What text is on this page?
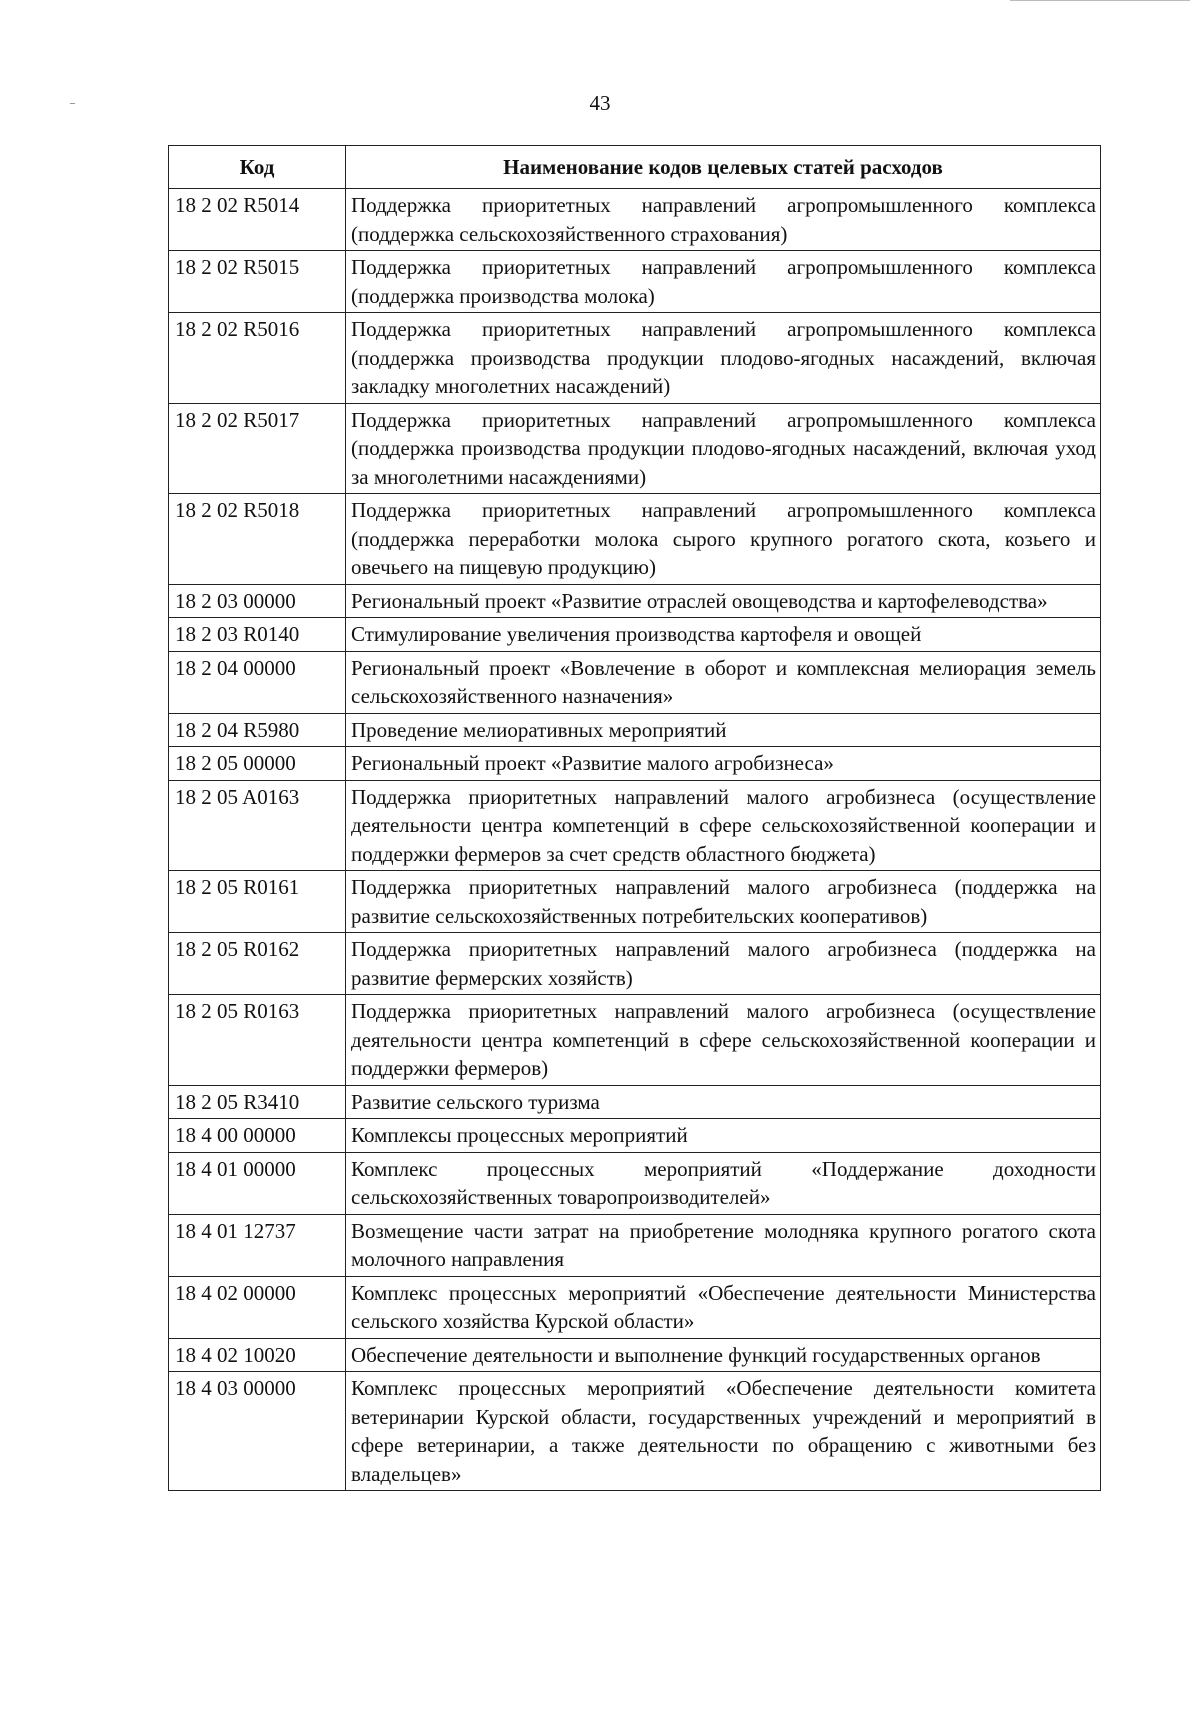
43
Код	Наименование кодов целевых статей расходов
18 2 02 R5014	Поддержка приоритетных направлений агропромышленного комплекса (поддержка сельскохозяйственного страхования)
18 2 02 R5015	Поддержка приоритетных направлений агропромышленного комплекса (поддержка производства молока)
18 2 02 R5016	Поддержка приоритетных направлений агропромышленного комплекса (поддержка производства продукции плодово-ягодных насаждений, включая закладку многолетних насаждений)
18 2 02 R5017	Поддержка приоритетных направлений агропромышленного комплекса (поддержка производства продукции плодово-ягодных насаждений, включая уход за многолетними насаждениями)
18 2 02 R5018	Поддержка приоритетных направлений агропромышленного комплекса (поддержка переработки молока сырого крупного рогатого скота, козьего и овечьего на пищевую продукцию)
18 2 03 00000	Региональный проект «Развитие отраслей овощеводства и картофелеводства»
18 2 03 R0140	Стимулирование увеличения производства картофеля и овощей
18 2 04 00000	Региональный проект «Вовлечение в оборот и комплексная мелиорация земель сельскохозяйственного назначения»
18 2 04 R5980	Проведение мелиоративных мероприятий
18 2 05 00000	Региональный проект «Развитие малого агробизнеса»
18 2 05 A0163	Поддержка приоритетных направлений малого агробизнеса (осуществление деятельности центра компетенций в сфере сельскохозяйственной кооперации и поддержки фермеров за счет средств областного бюджета)
18 2 05 R0161	Поддержка приоритетных направлений малого агробизнеса (поддержка на развитие сельскохозяйственных потребительских кооперативов)
18 2 05 R0162	Поддержка приоритетных направлений малого агробизнеса (поддержка на развитие фермерских хозяйств)
18 2 05 R0163	Поддержка приоритетных направлений малого агробизнеса (осуществление деятельности центра компетенций в сфере сельскохозяйственной кооперации и поддержки фермеров)
18 2 05 R3410	Развитие сельского туризма
18 4 00 00000	Комплексы процессных мероприятий
18 4 01 00000	Комплекс процессных мероприятий «Поддержание доходности сельскохозяйственных товаропроизводителей»
18 4 01 12737	Возмещение части затрат на приобретение молодняка крупного рогатого скота молочного направления
18 4 02 00000	Комплекс процессных мероприятий «Обеспечение деятельности Министерства сельского хозяйства Курской области»
18 4 02 10020	Обеспечение деятельности и выполнение функций государственных органов
18 4 03 00000	Комплекс процессных мероприятий «Обеспечение деятельности комитета ветеринарии Курской области, государственных учреждений и мероприятий в сфере ветеринарии, а также деятельности по обращению с животными без владельцев»
